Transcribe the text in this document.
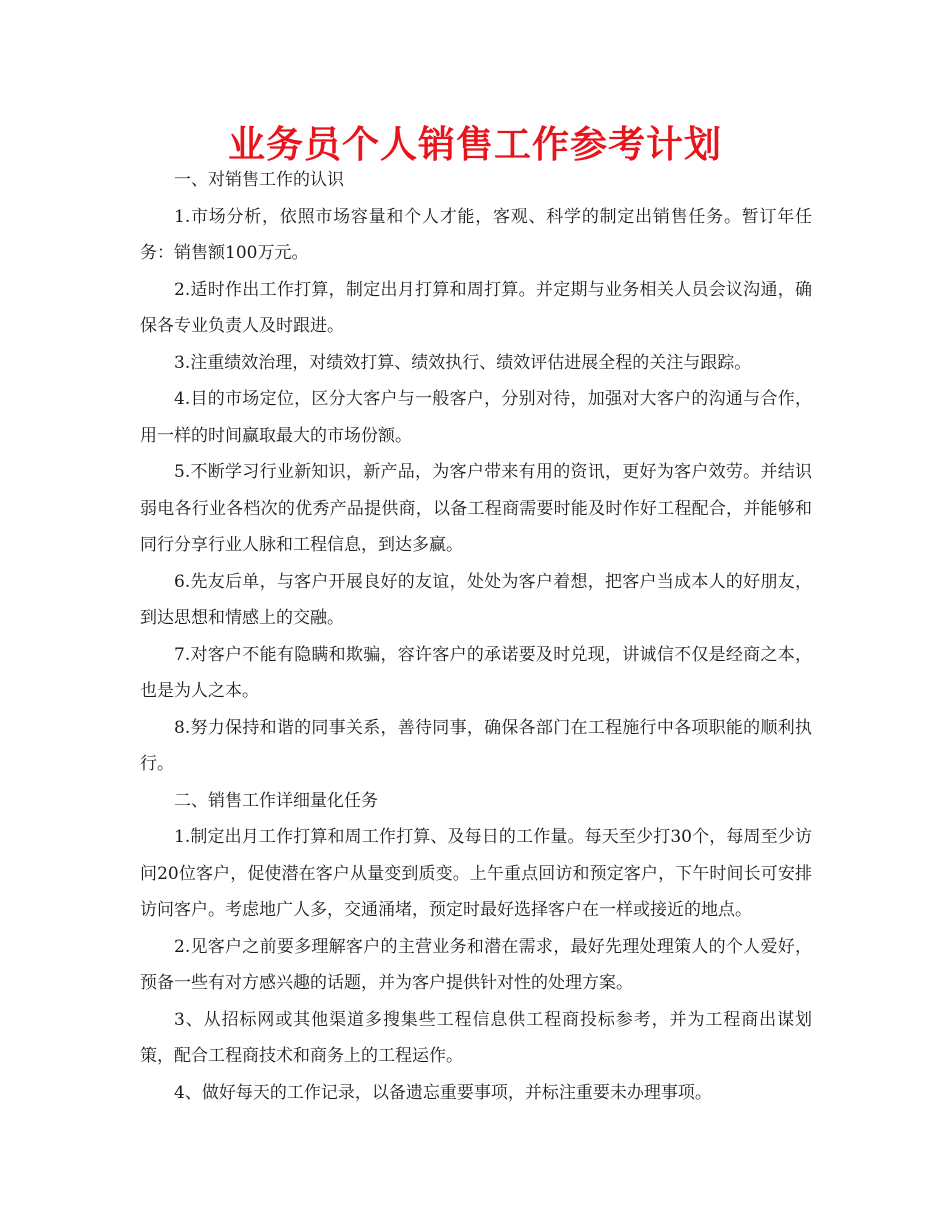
业务员个人销售工作参考计划

一、对销售工作的认识

1.市场分析，依照市场容量和个人才能，客观、科学的制定出销售任务。暂订年任务：销售额100万元。

2.适时作出工作打算，制定出月打算和周打算。并定期与业务相关人员会议沟通，确保各专业负责人及时跟进。

3.注重绩效治理，对绩效打算、绩效执行、绩效评估进展全程的关注与跟踪。

4.目的市场定位，区分大客户与一般客户，分别对待，加强对大客户的沟通与合作，用一样的时间赢取最大的市场份额。

5.不断学习行业新知识，新产品，为客户带来有用的资讯，更好为客户效劳。并结识弱电各行业各档次的优秀产品提供商，以备工程商需要时能及时作好工程配合，并能够和同行分享行业人脉和工程信息，到达多赢。

6.先友后单，与客户开展良好的友谊，处处为客户着想，把客户当成本人的好朋友，到达思想和情感上的交融。

7.对客户不能有隐瞒和欺骗，容许客户的承诺要及时兑现，讲诚信不仅是经商之本，也是为人之本。

8.努力保持和谐的同事关系，善待同事，确保各部门在工程施行中各项职能的顺利执行。

二、销售工作详细量化任务

1.制定出月工作打算和周工作打算、及每日的工作量。每天至少打30个，每周至少访问20位客户，促使潜在客户从量变到质变。上午重点回访和预定客户，下午时间长可安排访问客户。考虑地广人多，交通涌堵，预定时最好选择客户在一样或接近的地点。

2.见客户之前要多理解客户的主营业务和潜在需求，最好先理处理策人的个人爱好，预备一些有对方感兴趣的话题，并为客户提供针对性的处理方案。

3、从招标网或其他渠道多搜集些工程信息供工程商投标参考，并为工程商出谋划策，配合工程商技术和商务上的工程运作。

4、做好每天的工作记录，以备遗忘重要事项，并标注重要未办理事项。
